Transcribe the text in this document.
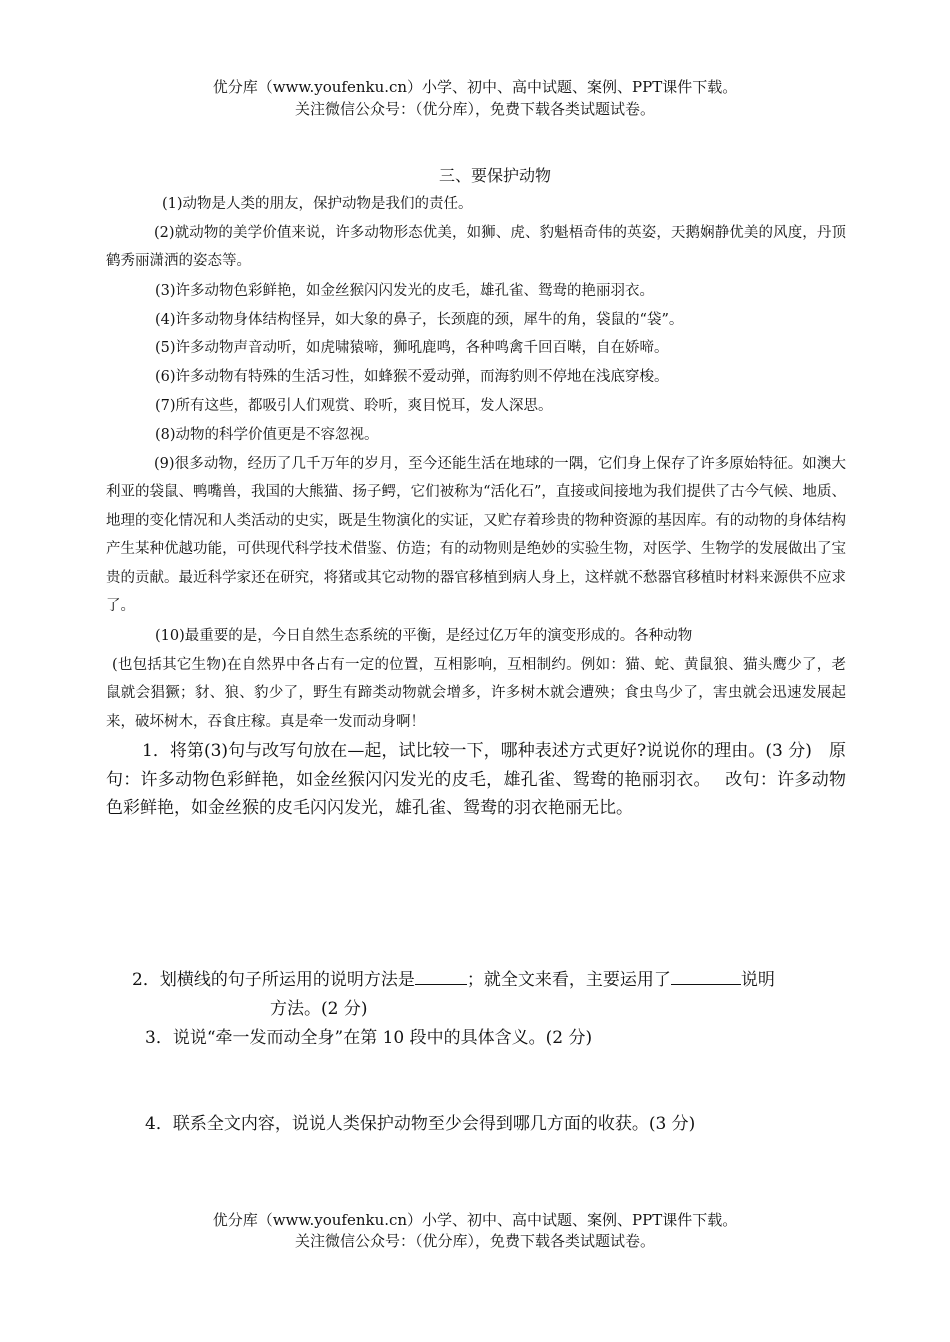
优分库（www.youfenku.cn）小学、初中、高中试题、案例、PPT课件下载。
关注微信公众号：（优分库），免费下载各类试题试卷。
三、要保护动物
(1)动物是人类的朋友，保护动物是我们的责任。
(2)就动物的美学价值来说，许多动物形态优美，如狮、虎、豹魁梧奇伟的英姿，天鹅娴静优美的风度，丹顶鹤秀丽潇洒的姿态等。
(3)许多动物色彩鲜艳，如金丝猴闪闪发光的皮毛，雄孔雀、鸳鸯的艳丽羽衣。
(4)许多动物身体结构怪异，如大象的鼻子，长颈鹿的颈，犀牛的角，袋鼠的“袋”。
(5)许多动物声音动听，如虎啸猿啼，狮吼鹿鸣，各种鸣禽千回百啭，自在娇啼。
(6)许多动物有特殊的生活习性，如蜂猴不爱动弹，而海豹则不停地在浅底穿梭。
(7)所有这些，都吸引人们观赏、聆听，爽目悦耳，发人深思。
(8)动物的科学价值更是不容忽视。
(9)很多动物，经历了几千万年的岁月，至今还能生活在地球的一隅，它们身上保存了许多原始特征。如澳大利亚的袋鼠、鸭嘴兽，我国的大熊猫、扬子鳄，它们被称为“活化石”，直接或间接地为我们提供了古今气候、地质、地理的变化情况和人类活动的史实，既是生物演化的实证，又贮存着珍贵的物种资源的基因库。有的动物的身体结构产生某种优越功能，可供现代科学技术借鉴、仿造；有的动物则是绝妙的实验生物，对医学、生物学的发展做出了宝贵的贡献。最近科学家还在研究，将猪或其它动物的器官移植到病人身上，这样就不愁器官移植时材料来源供不应求了。
(10)最重要的是，今日自然生态系统的平衡，是经过亿万年的演变形成的。各种动物
(也包括其它生物)在自然界中各占有一定的位置，互相影响，互相制约。例如：猫、蛇、黄鼠狼、猫头鹰少了，老鼠就会猖獗；豺、狼、豹少了，野生有蹄类动物就会增多，许多树木就会遭殃；食虫鸟少了，害虫就会迅速发展起来，破坏树木，吞食庄稼。真是牵一发而动身啊！
1．将第(3)句与改写句放在—起，试比较一下，哪种表述方式更好?说说你的理由。(3 分)　原句：许多动物色彩鲜艳，如金丝猴闪闪发光的皮毛，雄孔雀、鸳鸯的艳丽羽衣。　 改句：许多动物色彩鲜艳，如金丝猴的皮毛闪闪发光，雄孔雀、鸳鸯的羽衣艳丽无比。
2．划横线的句子所运用的说明方法是	；就全文来看，主要运用了	说明
方法。(2 分)
3．说说“牵一发而动全身”在第 10 段中的具体含义。(2 分)
4．联系全文内容，说说人类保护动物至少会得到哪几方面的收获。(3 分)
优分库（www.youfenku.cn）小学、初中、高中试题、案例、PPT课件下载。
关注微信公众号：（优分库），免费下载各类试题试卷。
